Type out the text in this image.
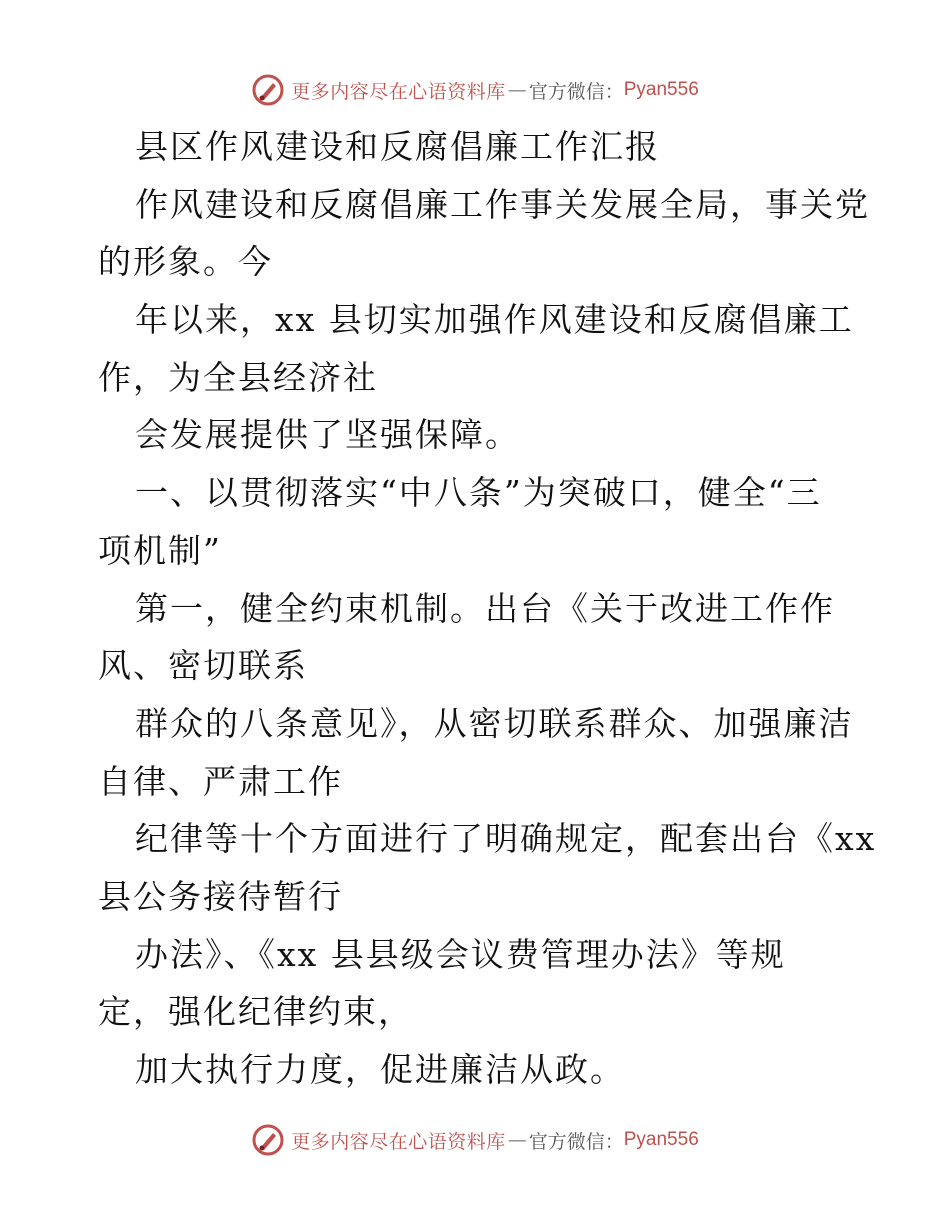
更多内容尽在心语资料库 — 官方微信： Pyan556
县区作风建设和反腐倡廉工作汇报
作风建设和反腐倡廉工作事关发展全局，事关党
的形象。今
年以来，xx 县切实加强作风建设和反腐倡廉工
作，为全县经济社
会发展提供了坚强保障。
一、以贯彻落实“中八条”为突破口，健全“三
项机制”
第一，健全约束机制。出台《关于改进工作作
风、密切联系
群众的八条意见》，从密切联系群众、加强廉洁
自律、严肃工作
纪律等十个方面进行了明确规定，配套出台《xx
县公务接待暂行
办法》、《xx 县县级会议费管理办法》等规
定，强化纪律约束，
加大执行力度，促进廉洁从政。
更多内容尽在心语资料库 — 官方微信： Pyan556
